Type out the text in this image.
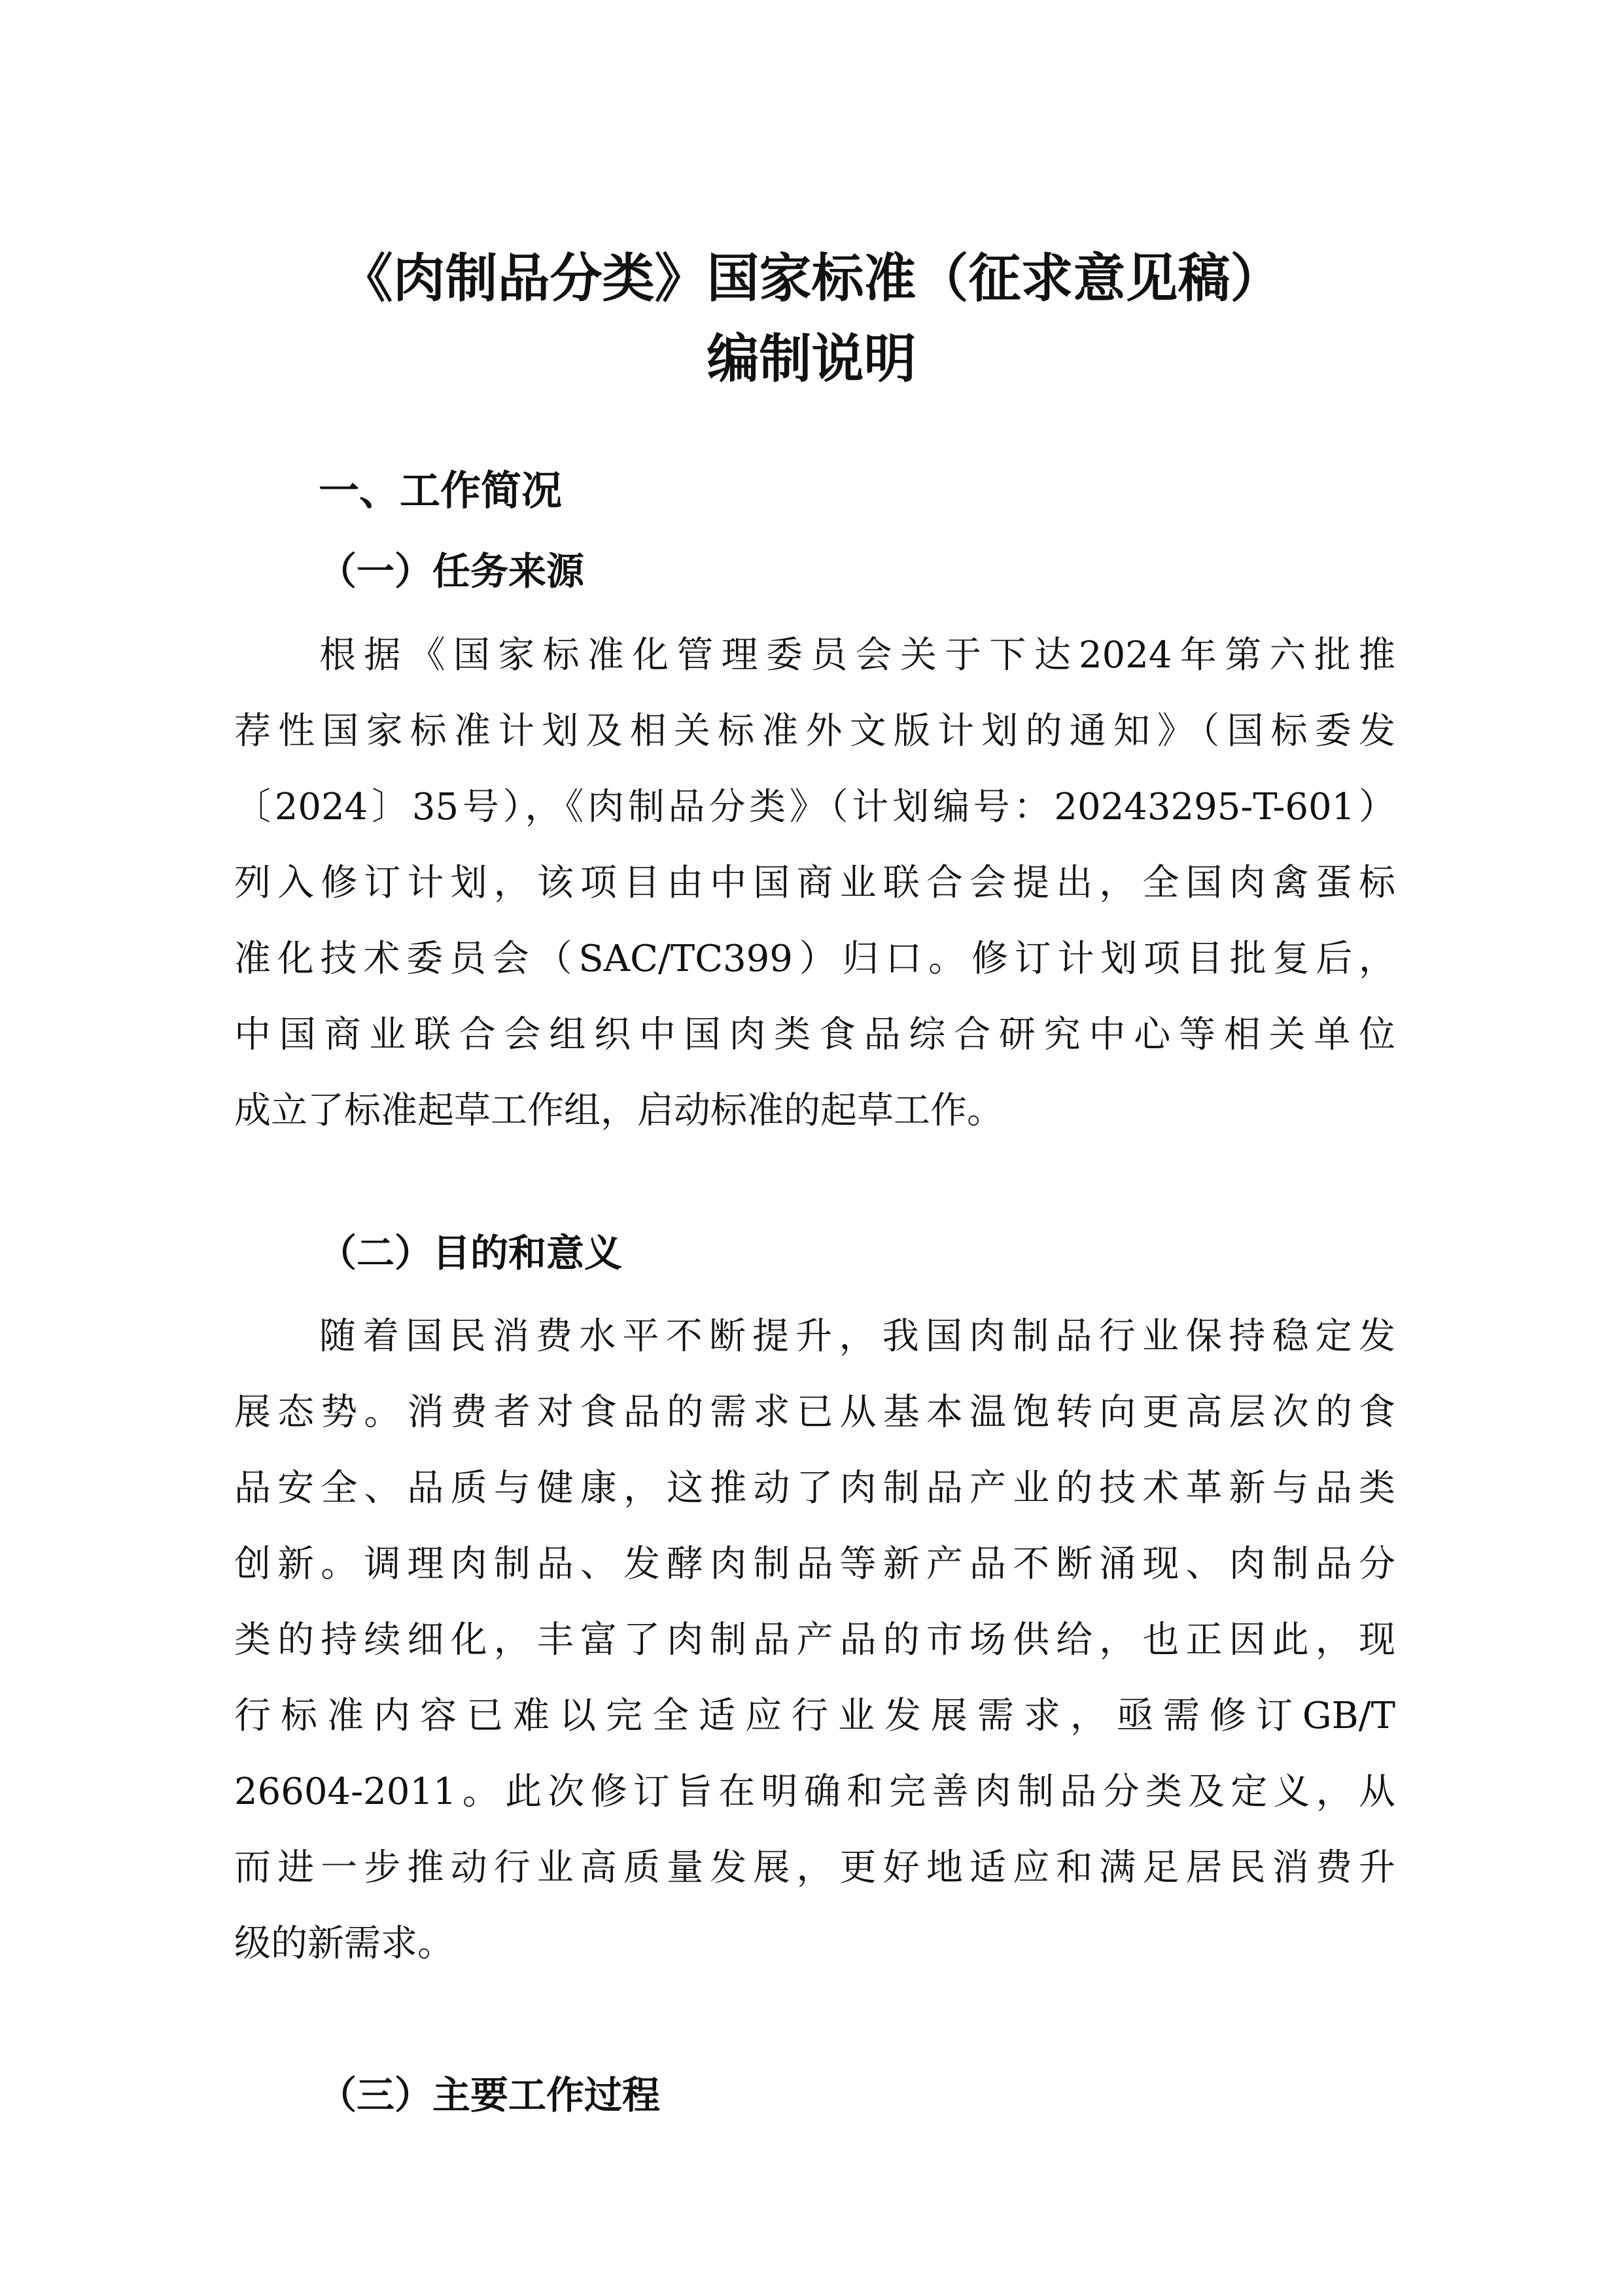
《肉制品分类》国家标准（征求意见稿）
编制说明
一、工作简况
（一）任务来源
根据《国家标准化管理委员会关于下达2024年第六批推
荐性国家标准计划及相关标准外文版计划的通知》（国标委发
〔2024〕35号），《肉制品分类》（计划编号：20243295-T-601）
列入修订计划，该项目由中国商业联合会提出，全国肉禽蛋标
准化技术委员会（SAC/TC399）归口。修订计划项目批复后，
中国商业联合会组织中国肉类食品综合研究中心等相关单位
成立了标准起草工作组，启动标准的起草工作。
（二）目的和意义
随着国民消费水平不断提升，我国肉制品行业保持稳定发
展态势。消费者对食品的需求已从基本温饱转向更高层次的食
品安全、品质与健康，这推动了肉制品产业的技术革新与品类
创新。调理肉制品、发酵肉制品等新产品不断涌现、肉制品分
类的持续细化，丰富了肉制品产品的市场供给，也正因此，现
行标准内容已难以完全适应行业发展需求，亟需修订GB/T
26604-2011。此次修订旨在明确和完善肉制品分类及定义，从
而进一步推动行业高质量发展，更好地适应和满足居民消费升
级的新需求。
（三）主要工作过程
